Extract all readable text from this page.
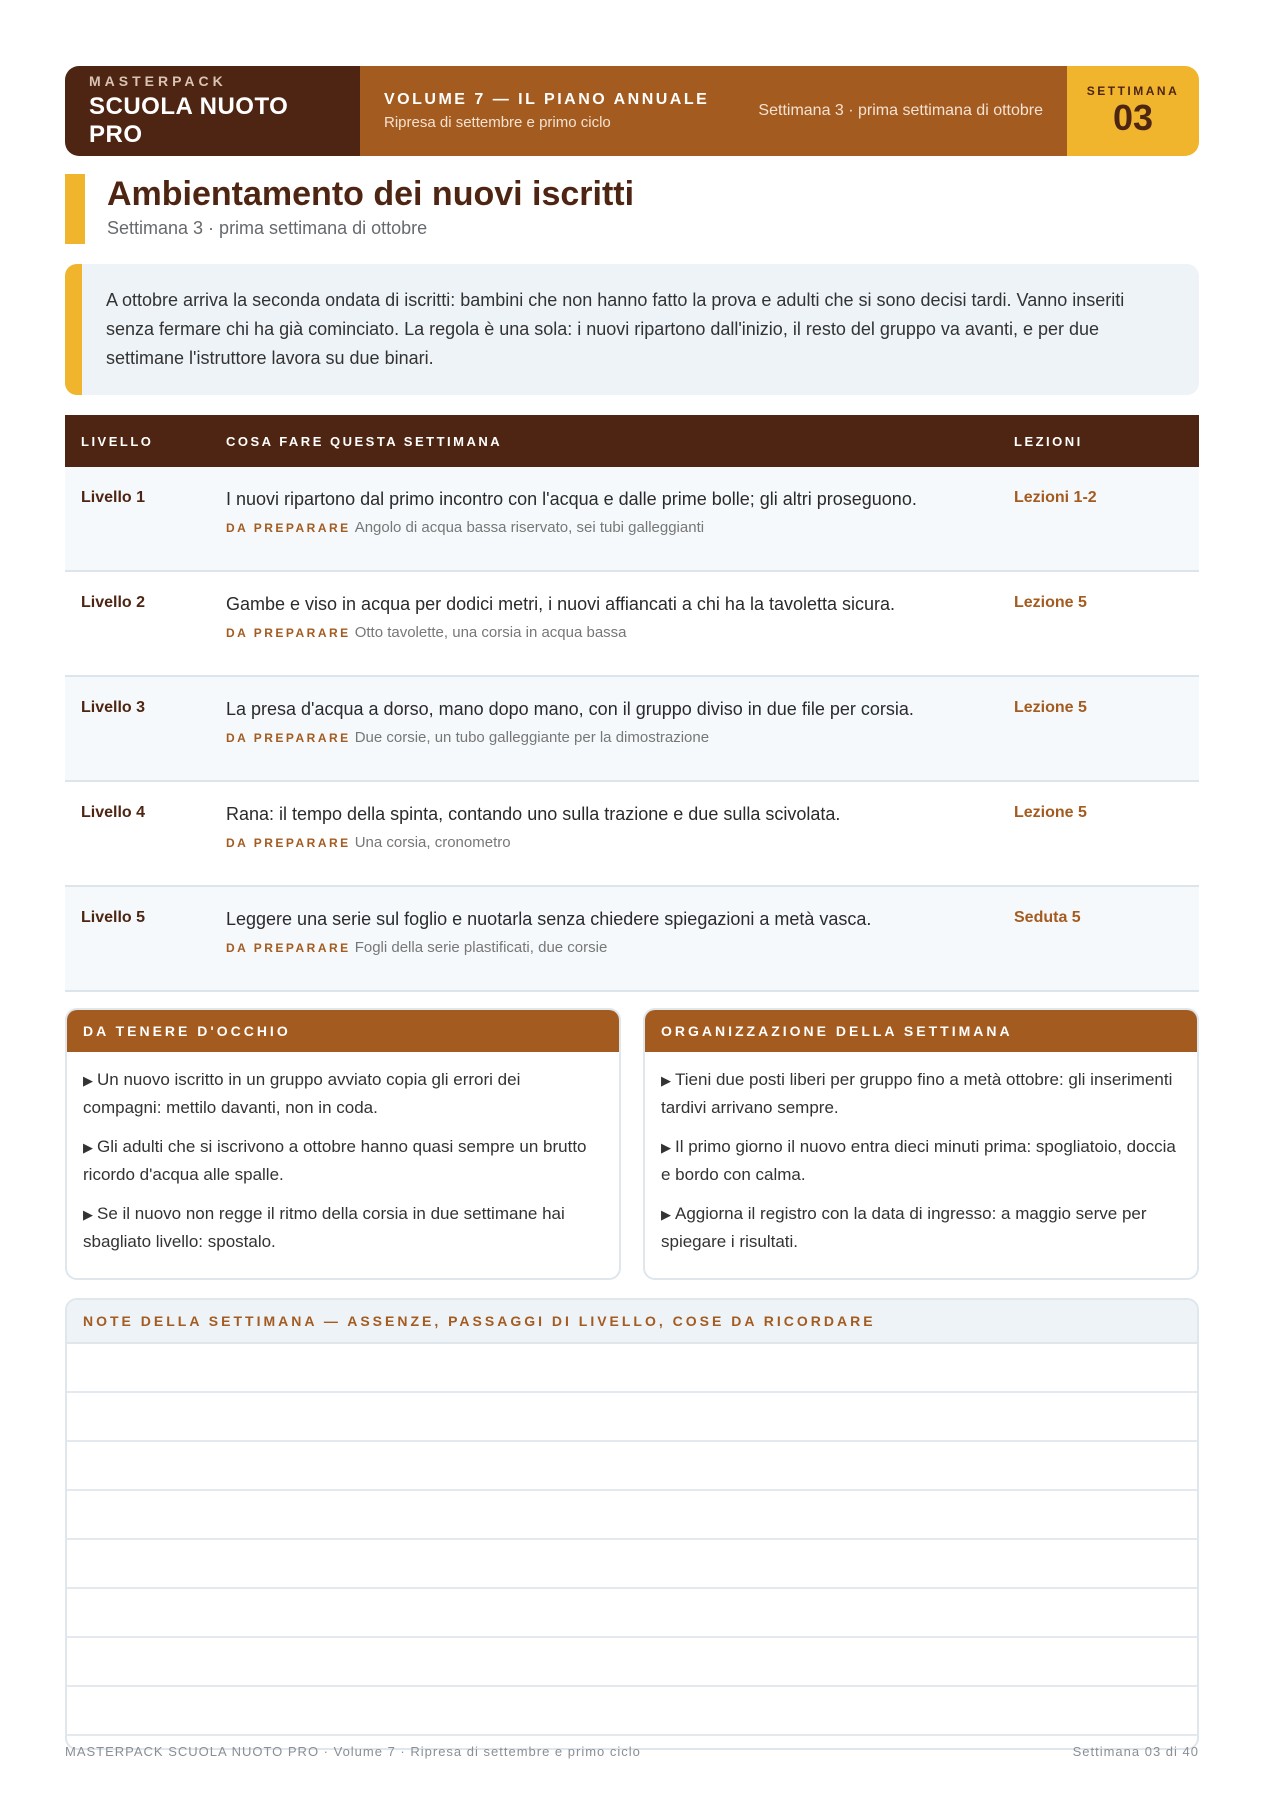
MASTERPACK
SCUOLA NUOTO PRO
VOLUME 7 — IL PIANO ANNUALE
Ripresa di settembre e primo ciclo
Settimana 3 · prima settimana di ottobre
SETTIMANA
03
Ambientamento dei nuovi iscritti
Settimana 3 · prima settimana di ottobre
A ottobre arriva la seconda ondata di iscritti: bambini che non hanno fatto la prova e adulti che si sono decisi tardi. Vanno inseriti senza fermare chi ha già cominciato. La regola è una sola: i nuovi ripartono dall'inizio, il resto del gruppo va avanti, e per due settimane l'istruttore lavora su due binari.
LIVELLO	COSA FARE QUESTA SETTIMANA	LEZIONI

Livello 1	I nuovi ripartono dal primo incontro con l'acqua e dalle prime bolle; gli altri proseguono.
DA PREPARARE Angolo di acqua bassa riservato, sei tubi galleggianti	Lezioni 1-2

Livello 2	Gambe e viso in acqua per dodici metri, i nuovi affiancati a chi ha la tavoletta sicura.
DA PREPARARE Otto tavolette, una corsia in acqua bassa	Lezione 5

Livello 3	La presa d'acqua a dorso, mano dopo mano, con il gruppo diviso in due file per corsia.
DA PREPARARE Due corsie, un tubo galleggiante per la dimostrazione	Lezione 5

Livello 4	Rana: il tempo della spinta, contando uno sulla trazione e due sulla scivolata.
DA PREPARARE Una corsia, cronometro	Lezione 5

Livello 5	Leggere una serie sul foglio e nuotarla senza chiedere spiegazioni a metà vasca.
DA PREPARARE Fogli della serie plastificati, due corsie	Seduta 5
DA TENERE D'OCCHIO
▶ Un nuovo iscritto in un gruppo avviato copia gli errori dei compagni: mettilo davanti, non in coda.
▶ Gli adulti che si iscrivono a ottobre hanno quasi sempre un brutto ricordo d'acqua alle spalle.
▶ Se il nuovo non regge il ritmo della corsia in due settimane hai sbagliato livello: spostalo.
ORGANIZZAZIONE DELLA SETTIMANA
▶ Tieni due posti liberi per gruppo fino a metà ottobre: gli inserimenti tardivi arrivano sempre.
▶ Il primo giorno il nuovo entra dieci minuti prima: spogliatoio, doccia e bordo con calma.
▶ Aggiorna il registro con la data di ingresso: a maggio serve per spiegare i risultati.
NOTE DELLA SETTIMANA — ASSENZE, PASSAGGI DI LIVELLO, COSE DA RICORDARE
MASTERPACK SCUOLA NUOTO PRO · Volume 7 · Ripresa di settembre e primo ciclo	Settimana 03 di 40
